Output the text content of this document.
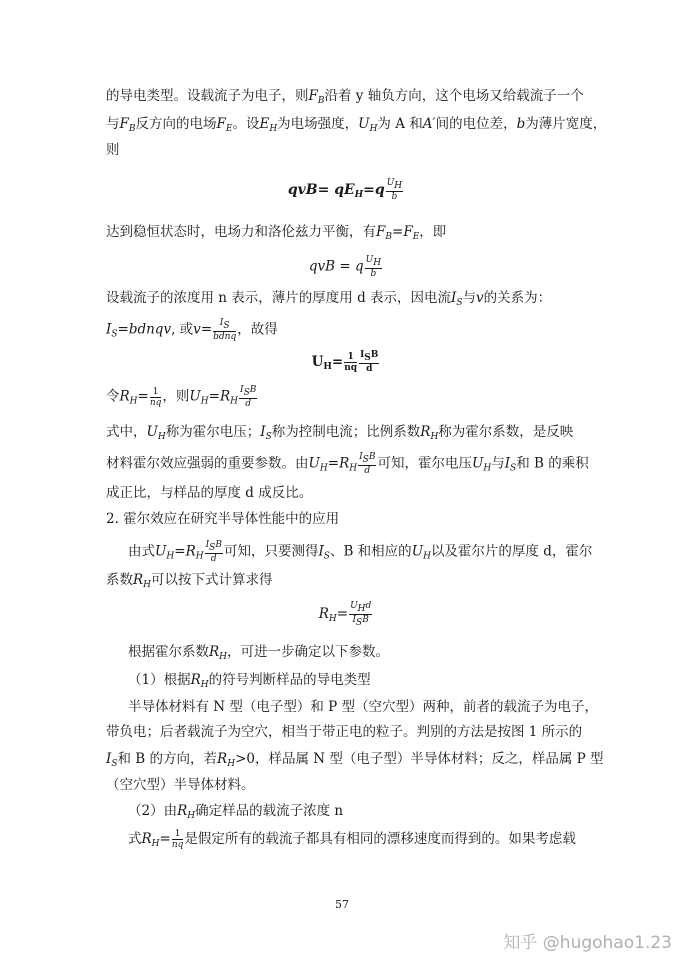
的导电类型。设载流子为电子，则$F_B$沿着 y 轴负方向，这个电场又给载流子一个
与$F_B$反方向的电场$F_E$。设$E_H$为电场强度，$U_H$为 A 和A′间的电位差，b为薄片宽度，
则
$qvB= qE_H=q \frac{U_H}{b}$
达到稳恒状态时，电场力和洛伦兹力平衡，有$F_B=F_E$，即
qvB = q $\frac{U_H}{b}$
设载流子的浓度用 n 表示，薄片的厚度用 d 表示，因电流$I_S$与v的关系为：
$I_S=bdnqv$, 或$v= \frac{I_S}{\text{bdnq}}$ ，故得
$U_H= \frac{1}{nq} \frac{I_SB}{d}$
令$R_H= \frac{1}{nq}$ ，则$U_H=R_H \frac{I_SB}{d}$
式中，$U_H$称为霍尔电压；$I_S$称为控制电流；比例系数$R_H$称为霍尔系数，是反映
材料霍尔效应强弱的重要参数。由$U_H=R_H \frac{I_SB}{d}$ 可知，霍尔电压$U_H$与$I_S$和 B 的乘积
成正比，与样品的厚度 d 成反比。
2. 霍尔效应在研究半导体性能中的应用
由式$U_H=R_H \frac{I_SB}{d}$ 可知，只要测得$I_S$、B 和相应的$U_H$以及霍尔片的厚度 d，霍尔
系数$R_H$可以按下式计算求得
$R_H= \frac{U_Hd}{I_SB}$
根据霍尔系数$R_H$，可进一步确定以下参数。
（1）根据$R_H$的符号判断样品的导电类型
半导体材料有 N 型（电子型）和 P 型（空穴型）两种，前者的载流子为电子，
带负电；后者载流子为空穴，相当于带正电的粒子。判别的方法是按图 1 所示的
$I_S$和 B 的方向，若$R_H>0$，样品属 N 型（电子型）半导体材料；反之，样品属 P 型
（空穴型）半导体材料。
（2）由$R_H$确定样品的载流子浓度 n
式$R_H= \frac{1}{nq}$ 是假定所有的载流子都具有相同的漂移速度而得到的。如果考虑载
57
知乎 @hugohao1.23
